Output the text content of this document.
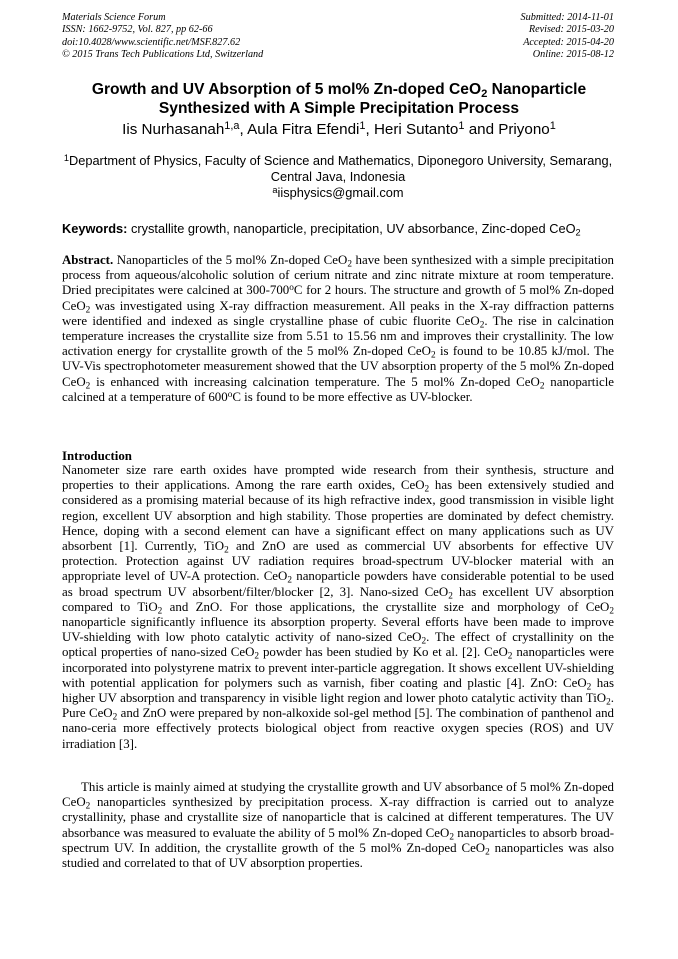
Materials Science Forum
ISSN: 1662-9752, Vol. 827, pp 62-66
doi:10.4028/www.scientific.net/MSF.827.62
© 2015 Trans Tech Publications Ltd, Switzerland
Submitted: 2014-11-01
Revised: 2015-03-20
Accepted: 2015-04-20
Online: 2015-08-12
Growth and UV Absorption of 5 mol% Zn-doped CeO$_2$ Nanoparticle
Synthesized with A Simple Precipitation Process
Iis Nurhasanah$^{1,a}$, Aula Fitra Efendi$^1$, Heri Sutanto$^1$ and Priyono$^1$
$^1$Department of Physics, Faculty of Science and Mathematics, Diponegoro University, Semarang, Central Java, Indonesia
$^a$iisphysics@gmail.com
Keywords: crystallite growth, nanoparticle, precipitation, UV absorbance, Zinc-doped CeO$_2$
Abstract. Nanoparticles of the 5 mol% Zn-doped CeO$_2$ have been synthesized with a simple precipitation process from aqueous/alcoholic solution of cerium nitrate and zinc nitrate mixture at room temperature. Dried precipitates were calcined at 300-700$^o$C for 2 hours. The structure and growth of 5 mol% Zn-doped CeO$_2$ was investigated using X-ray diffraction measurement. All peaks in the X-ray diffraction patterns were identified and indexed as single crystalline phase of cubic fluorite CeO$_2$. The rise in calcination temperature increases the crystallite size from 5.51 to 15.56 nm and improves their crystallinity. The low activation energy for crystallite growth of the 5 mol% Zn-doped CeO$_2$ is found to be 10.85 kJ/mol. The UV-Vis spectrophotometer measurement showed that the UV absorption property of the 5 mol% Zn-doped CeO$_2$ is enhanced with increasing calcination temperature. The 5 mol% Zn-doped CeO$_2$ nanoparticle calcined at a temperature of 600$^o$C is found to be more effective as UV-blocker.
Introduction
Nanometer size rare earth oxides have prompted wide research from their synthesis, structure and properties to their applications. Among the rare earth oxides, CeO$_2$ has been extensively studied and considered as a promising material because of its high refractive index, good transmission in visible light region, excellent UV absorption and high stability. Those properties are dominated by defect chemistry. Hence, doping with a second element can have a significant effect on many applications such as UV absorbent [1]. Currently, TiO$_2$ and ZnO are used as commercial UV absorbents for effective UV protection. Protection against UV radiation requires broad-spectrum UV-blocker material with an appropriate level of UV-A protection. CeO$_2$ nanoparticle powders have considerable potential to be used as broad spectrum UV absorbent/filter/blocker [2, 3]. Nano-sized CeO$_2$ has excellent UV absorption compared to TiO$_2$ and ZnO. For those applications, the crystallite size and morphology of CeO$_2$ nanoparticle significantly influence its absorption property. Several efforts have been made to improve UV-shielding with low photo catalytic activity of nano-sized CeO$_2$. The effect of crystallinity on the optical properties of nano-sized CeO$_2$ powder has been studied by Ko et al. [2]. CeO$_2$ nanoparticles were incorporated into polystyrene matrix to prevent inter-particle aggregation. It shows excellent UV-shielding with potential application for polymers such as varnish, fiber coating and plastic [4]. ZnO: CeO$_2$ has higher UV absorption and transparency in visible light region and lower photo catalytic activity than TiO$_2$. Pure CeO$_2$ and ZnO were prepared by non-alkoxide sol-gel method [5]. The combination of panthenol and nano-ceria more effectively protects biological object from reactive oxygen species (ROS) and UV irradiation [3].
This article is mainly aimed at studying the crystallite growth and UV absorbance of 5 mol% Zn-doped CeO$_2$ nanoparticles synthesized by precipitation process. X-ray diffraction is carried out to analyze crystallinity, phase and crystallite size of nanoparticle that is calcined at different temperatures. The UV absorbance was measured to evaluate the ability of 5 mol% Zn-doped CeO$_2$ nanoparticles to absorb broad-spectrum UV. In addition, the crystallite growth of the 5 mol% Zn-doped CeO$_2$ nanoparticles was also studied and correlated to that of UV absorption properties.
